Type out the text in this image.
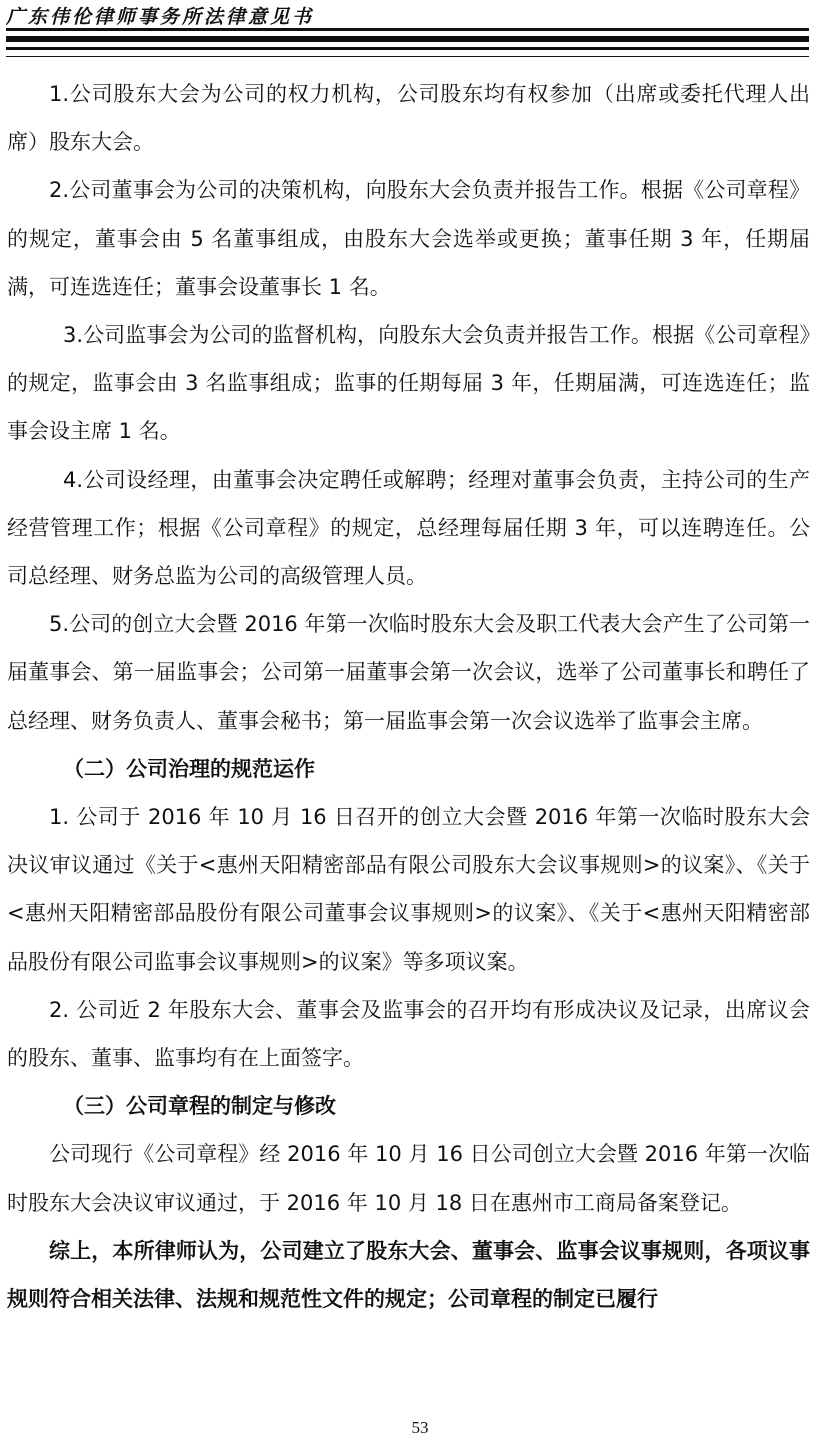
广东伟伦律师事务所法律意见书

1.公司股东大会为公司的权力机构，公司股东均有权参加（出席或委托代理人出席）股东大会。

2.公司董事会为公司的决策机构，向股东大会负责并报告工作。根据《公司章程》的规定，董事会由 5 名董事组成，由股东大会选举或更换；董事任期 3 年，任期届满，可连选连任；董事会设董事长 1 名。

3.公司监事会为公司的监督机构，向股东大会负责并报告工作。根据《公司章程》的规定，监事会由 3 名监事组成；监事的任期每届 3 年，任期届满，可连选连任；监事会设主席 1 名。

4.公司设经理，由董事会决定聘任或解聘；经理对董事会负责，主持公司的生产经营管理工作；根据《公司章程》的规定，总经理每届任期 3 年，可以连聘连任。公司总经理、财务总监为公司的高级管理人员。

5.公司的创立大会暨 2016 年第一次临时股东大会及职工代表大会产生了公司第一届董事会、第一届监事会；公司第一届董事会第一次会议，选举了公司董事长和聘任了总经理、财务负责人、董事会秘书；第一届监事会第一次会议选举了监事会主席。

（二）公司治理的规范运作

1. 公司于 2016 年 10 月 16 日召开的创立大会暨 2016 年第一次临时股东大会决议审议通过《关于<惠州天阳精密部品有限公司股东大会议事规则>的议案》、《关于<惠州天阳精密部品股份有限公司董事会议事规则>的议案》、《关于<惠州天阳精密部品股份有限公司监事会议事规则>的议案》等多项议案。

2. 公司近 2 年股东大会、董事会及监事会的召开均有形成决议及记录，出席议会的股东、董事、监事均有在上面签字。

（三）公司章程的制定与修改

公司现行《公司章程》经 2016 年 10 月 16 日公司创立大会暨 2016 年第一次临时股东大会决议审议通过，于 2016 年 10 月 18 日在惠州市工商局备案登记。

综上，本所律师认为，公司建立了股东大会、董事会、监事会议事规则，各项议事规则符合相关法律、法规和规范性文件的规定；公司章程的制定已履行

53
